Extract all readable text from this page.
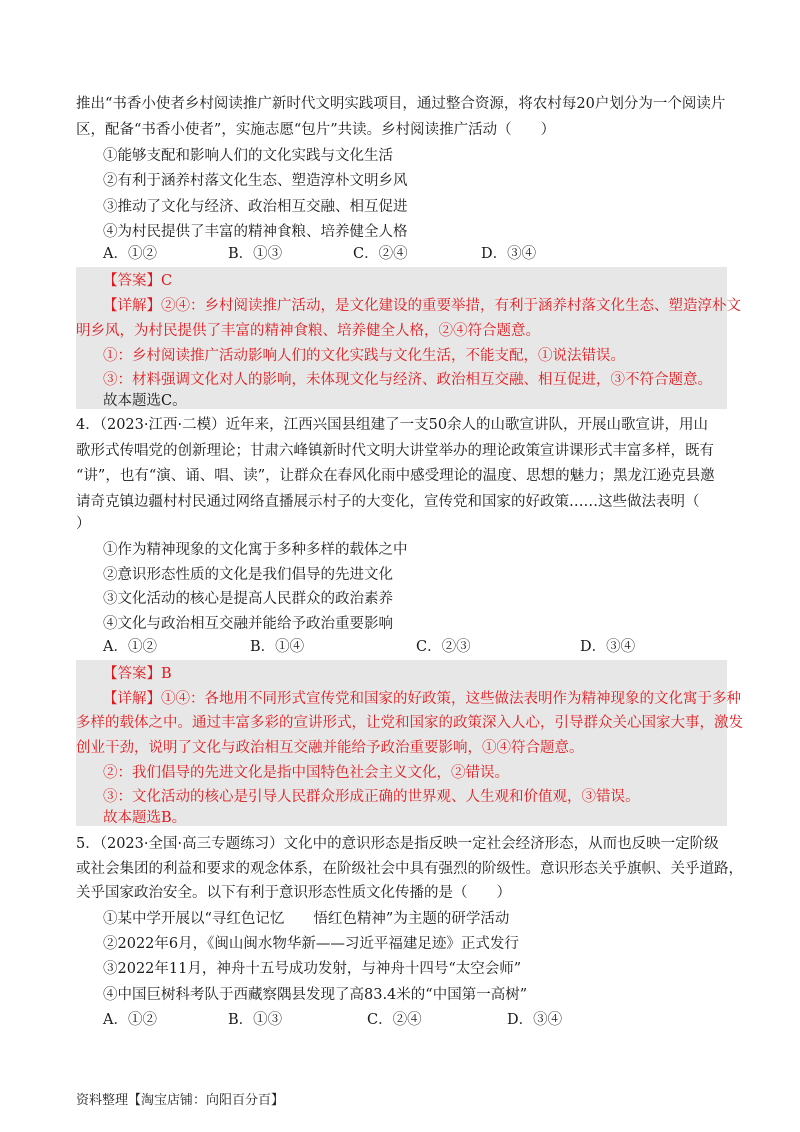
推出“书香小使者乡村阅读推广新时代文明实践项目，通过整合资源，将农村每20户划分为一个阅读片
区，配备“书香小使者”，实施志愿“包片”共读。乡村阅读推广活动（　　）
①能够支配和影响人们的文化实践与文化生活
②有利于涵养村落文化生态、塑造淳朴文明乡风
③推动了文化与经济、政治相互交融、相互促进
④为村民提供了丰富的精神食粮、培养健全人格
A．①②	B．①③	C．②④	D．③④
【答案】C
【详解】②④：乡村阅读推广活动，是文化建设的重要举措，有利于涵养村落文化生态、塑造淳朴文
明乡风，为村民提供了丰富的精神食粮、培养健全人格，②④符合题意。
①：乡村阅读推广活动影响人们的文化实践与文化生活，不能支配，①说法错误。
③：材料强调文化对人的影响，未体现文化与经济、政治相互交融、相互促进，③不符合题意。
故本题选C。
4．（2023·江西·二模）近年来，江西兴国县组建了一支50余人的山歌宣讲队，开展山歌宣讲，用山
歌形式传唱党的创新理论；甘肃六峰镇新时代文明大讲堂举办的理论政策宣讲课形式丰富多样，既有
“讲”，也有“演、诵、唱、读”，让群众在春风化雨中感受理论的温度、思想的魅力；黑龙江逊克县邀
请奇克镇边疆村村民通过网络直播展示村子的大变化，宣传党和国家的好政策……这些做法表明（
）
①作为精神现象的文化寓于多种多样的载体之中
②意识形态性质的文化是我们倡导的先进文化
③文化活动的核心是提高人民群众的政治素养
④文化与政治相互交融并能给予政治重要影响
A．①②	B．①④	C．②③	D．③④
【答案】B
【详解】①④：各地用不同形式宣传党和国家的好政策，这些做法表明作为精神现象的文化寓于多种
多样的载体之中。通过丰富多彩的宣讲形式，让党和国家的政策深入人心，引导群众关心国家大事，激发
创业干劲，说明了文化与政治相互交融并能给予政治重要影响，①④符合题意。
②：我们倡导的先进文化是指中国特色社会主义文化，②错误。
③：文化活动的核心是引导人民群众形成正确的世界观、人生观和价值观，③错误。
故本题选B。
5．（2023·全国·高三专题练习）文化中的意识形态是指反映一定社会经济形态，从而也反映一定阶级
或社会集团的利益和要求的观念体系，在阶级社会中具有强烈的阶级性。意识形态关乎旗帜、关乎道路，
关乎国家政治安全。以下有利于意识形态性质文化传播的是（　　）
①某中学开展以“寻红色记忆　　悟红色精神”为主题的研学活动
②2022年6月，《闽山闽水物华新——习近平福建足迹》正式发行
③2022年11月，神舟十五号成功发射，与神舟十四号“太空会师”
④中国巨树科考队于西藏察隅县发现了高83.4米的“中国第一高树”
A．①②	B．①③	C．②④	D．③④
资料整理【淘宝店铺：向阳百分百】
